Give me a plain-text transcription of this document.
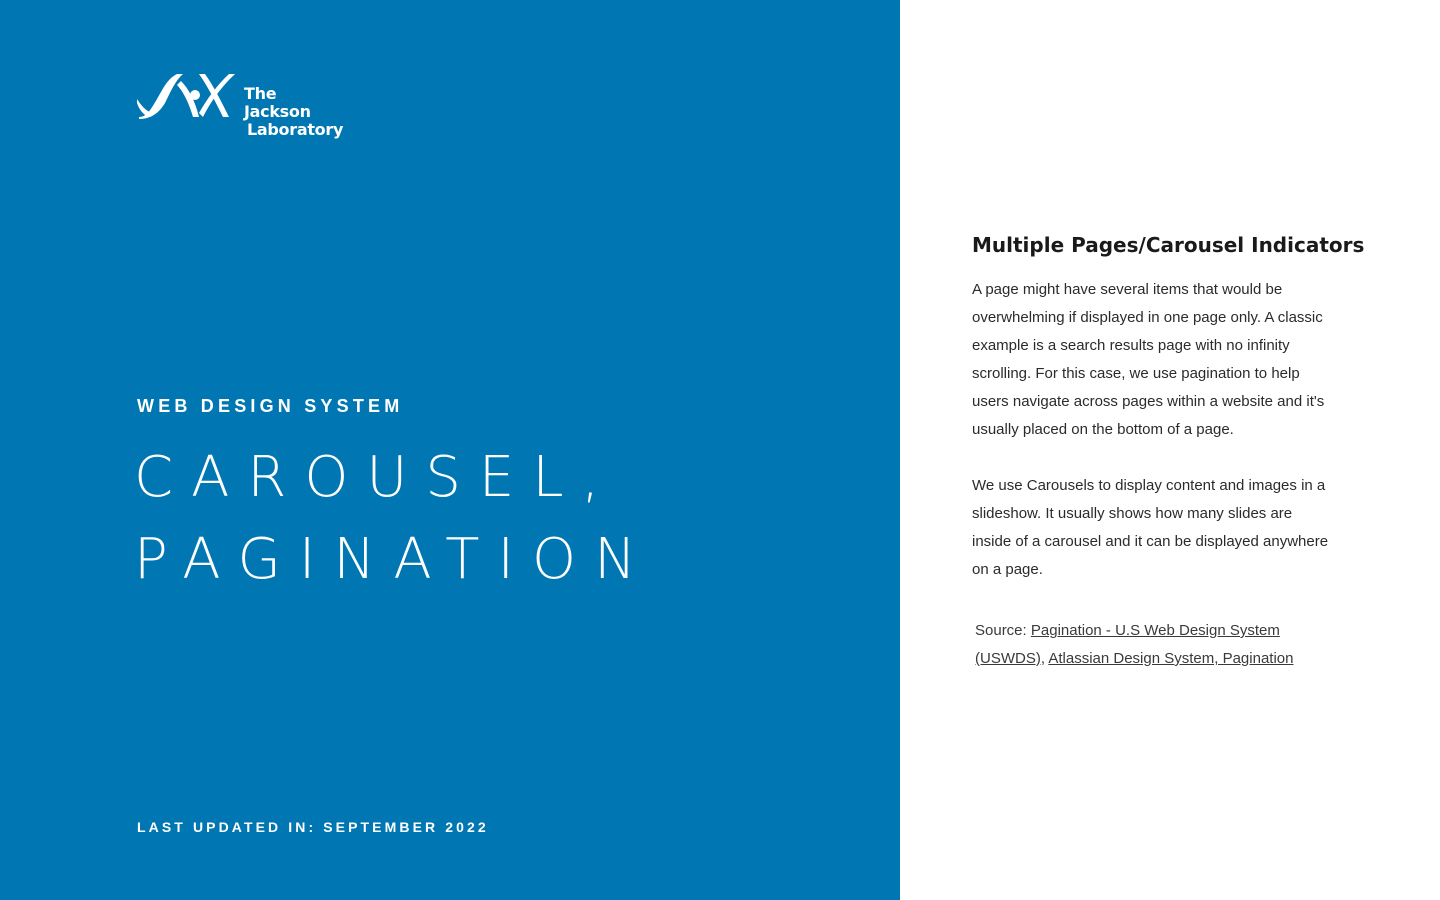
The Jackson
Laboratory
WEB DESIGN SYSTEM
CAROUSEL,
PAGINATION
LAST UPDATED IN: SEPTEMBER 2022
Multiple Pages/Carousel Indicators

A page might have several items that would be overwhelming if displayed in one page only. A classic example is a search results page with no infinity scrolling. For this case, we use pagination to help users navigate across pages within a website and it's usually placed on the bottom of a page.

We use Carousels to display content and images in a slideshow. It usually shows how many slides are inside of a carousel and it can be displayed anywhere on a page.

Source: Pagination - U.S Web Design System (USWDS), Atlassian Design System, Pagination
